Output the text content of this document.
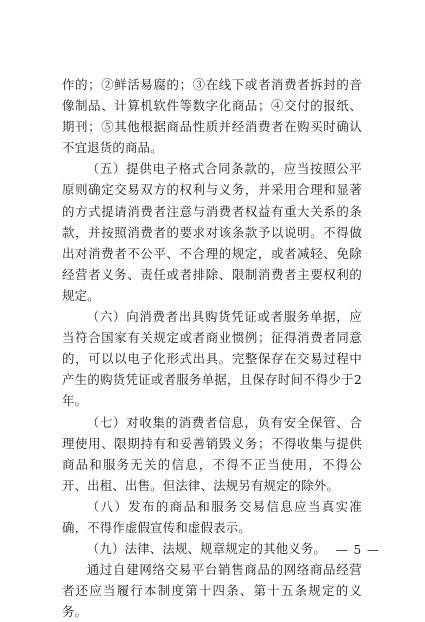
作的；②鲜活易腐的；③在线下或者消费者拆封的音像制品、计算机软件等数字化商品；④交付的报纸、期刊；⑤其他根据商品性质并经消费者在购买时确认不宜退货的商品。

（五）提供电子格式合同条款的，应当按照公平原则确定交易双方的权利与义务，并采用合理和显著的方式提请消费者注意与消费者权益有重大关系的条款，并按照消费者的要求对该条款予以说明。不得做出对消费者不公平、不合理的规定，或者减轻、免除经营者义务、责任或者排除、限制消费者主要权利的规定。

（六）向消费者出具购货凭证或者服务单据，应当符合国家有关规定或者商业惯例；征得消费者同意的，可以以电子化形式出具。完整保存在交易过程中产生的购货凭证或者服务单据，且保存时间不得少于2年。

（七）对收集的消费者信息，负有安全保管、合理使用、限期持有和妥善销毁义务；不得收集与提供商品和服务无关的信息，不得不正当使用，不得公开、出租、出售。但法律、法规另有规定的除外。

（八）发布的商品和服务交易信息应当真实准确，不得作虚假宣传和虚假表示。

（九）法律、法规、规章规定的其他义务。

通过自建网络交易平台销售商品的网络商品经营者还应当履行本制度第十四条、第十五条规定的义务。

— 5 —
